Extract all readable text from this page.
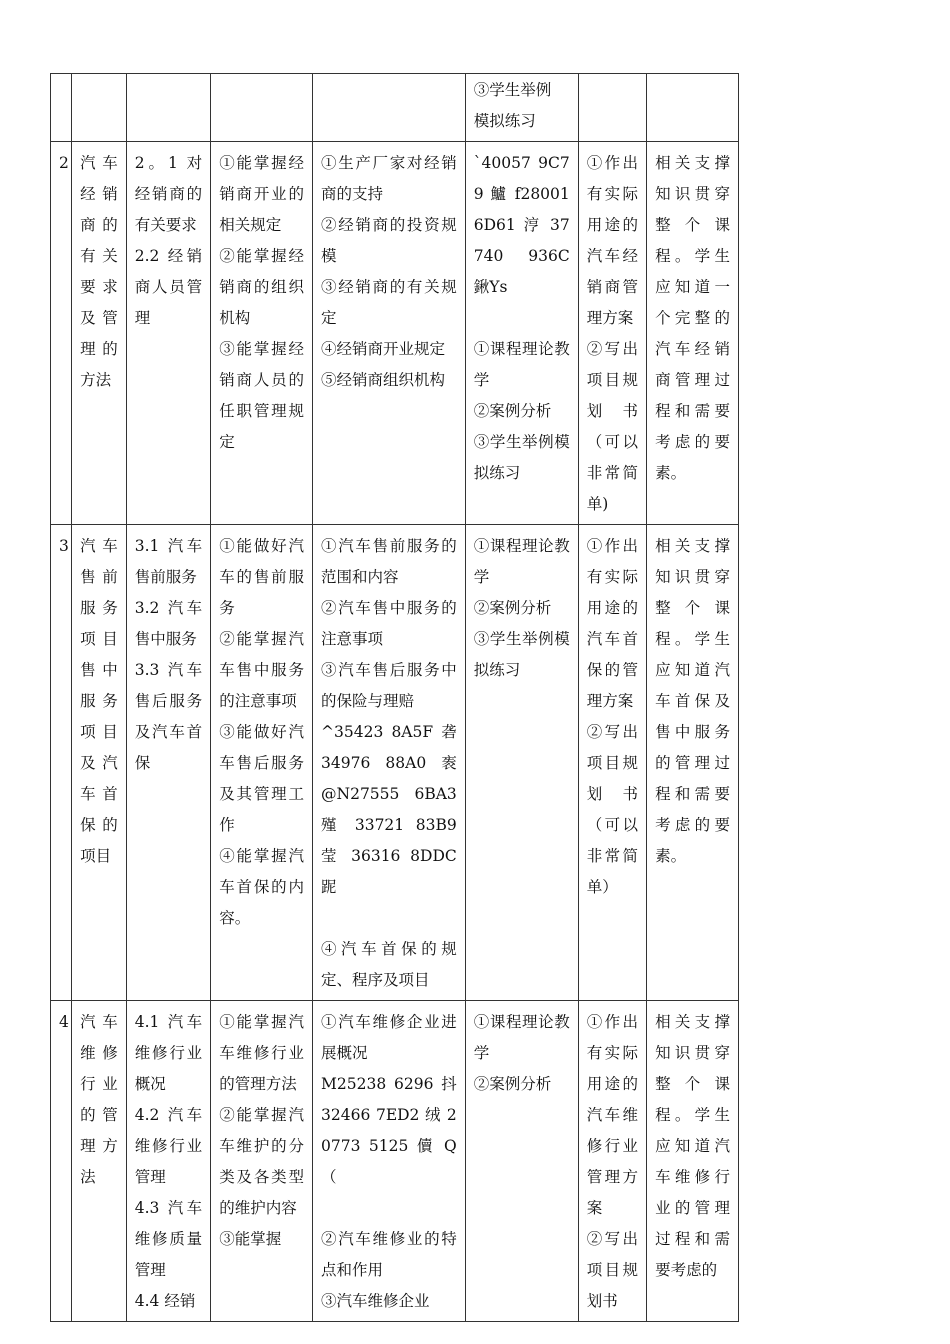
					③学生举例
模拟练习		

2	汽车经销商的有关要求及管理的方法	2。1 对经销商的有关要求
2.2 经销商人员管理	①能掌握经销商开业的相关规定
②能掌握经销商的组织机构
③能掌握经销商人员的任职管理规定	①生产厂家对经销商的支持
②经销商的投资规模
③经销商的有关规定
④经销商开业规定
⑤经销商组织机构	`40057 9C79 鱸 f28001 6D61 涥 37740 936C 鍬Ys
①课程理论教学
②案例分析
③学生举例模拟练习	①作出有实际用途的汽车经销商管理方案
②写出项目规划书（可以非常简单)	相关支撑知识贯穿整个课程。学生应知道一个完整的汽车经销商管理过程和需要考虑的要素。

3	汽车售前服务项目售中服务项目及汽车首保的项目	3.1 汽车售前服务
3.2 汽车售中服务
3.3 汽车售后服务及汽车首保	①能做好汽车的售前服务
②能掌握汽车售中服务的注意事项
③能做好汽车售后服务及其管理工作
④能掌握汽车首保的内容。	①汽车售前服务的范围和内容
②汽车售中服务的注意事项
③汽车售后服务中的保险与理赔
^35423 8A5F 砻 34976 88A0 袠 @N27555 6BA3 殣 33721 83B9 莹 36316 8DDC 跜
④汽车首保的规定、程序及项目	①课程理论教学
②案例分析
③学生举例模拟练习	①作出有实际用途的汽车首保的管理方案
②写出项目规划书（可以非常简单）	相关支撑知识贯穿整个课程。学生应知道汽车首保及售中服务的管理过程和需要考虑的要素。

4	汽车维修行业的管理方法	4.1 汽车维修行业概况
4.2 汽车维修行业管理
4.3 汽车维修质量管理
4.4 经销	①能掌握汽车维修行业的管理方法
②能掌握汽车维护的分类及各类型的维护内容
③能掌握	①汽车维修企业进展概况
M25238 6296 抖 32466 7ED2 绒 20773 5125 儥 Q（
②汽车维修业的特点和作用
③汽车维修企业	①课程理论教学
②案例分析	①作出有实际用途的汽车维修行业管理方案
②写出项目规划书	相关支撑知识贯穿整个课程。学生应知道汽车维修行业的管理过程和需要考虑的
